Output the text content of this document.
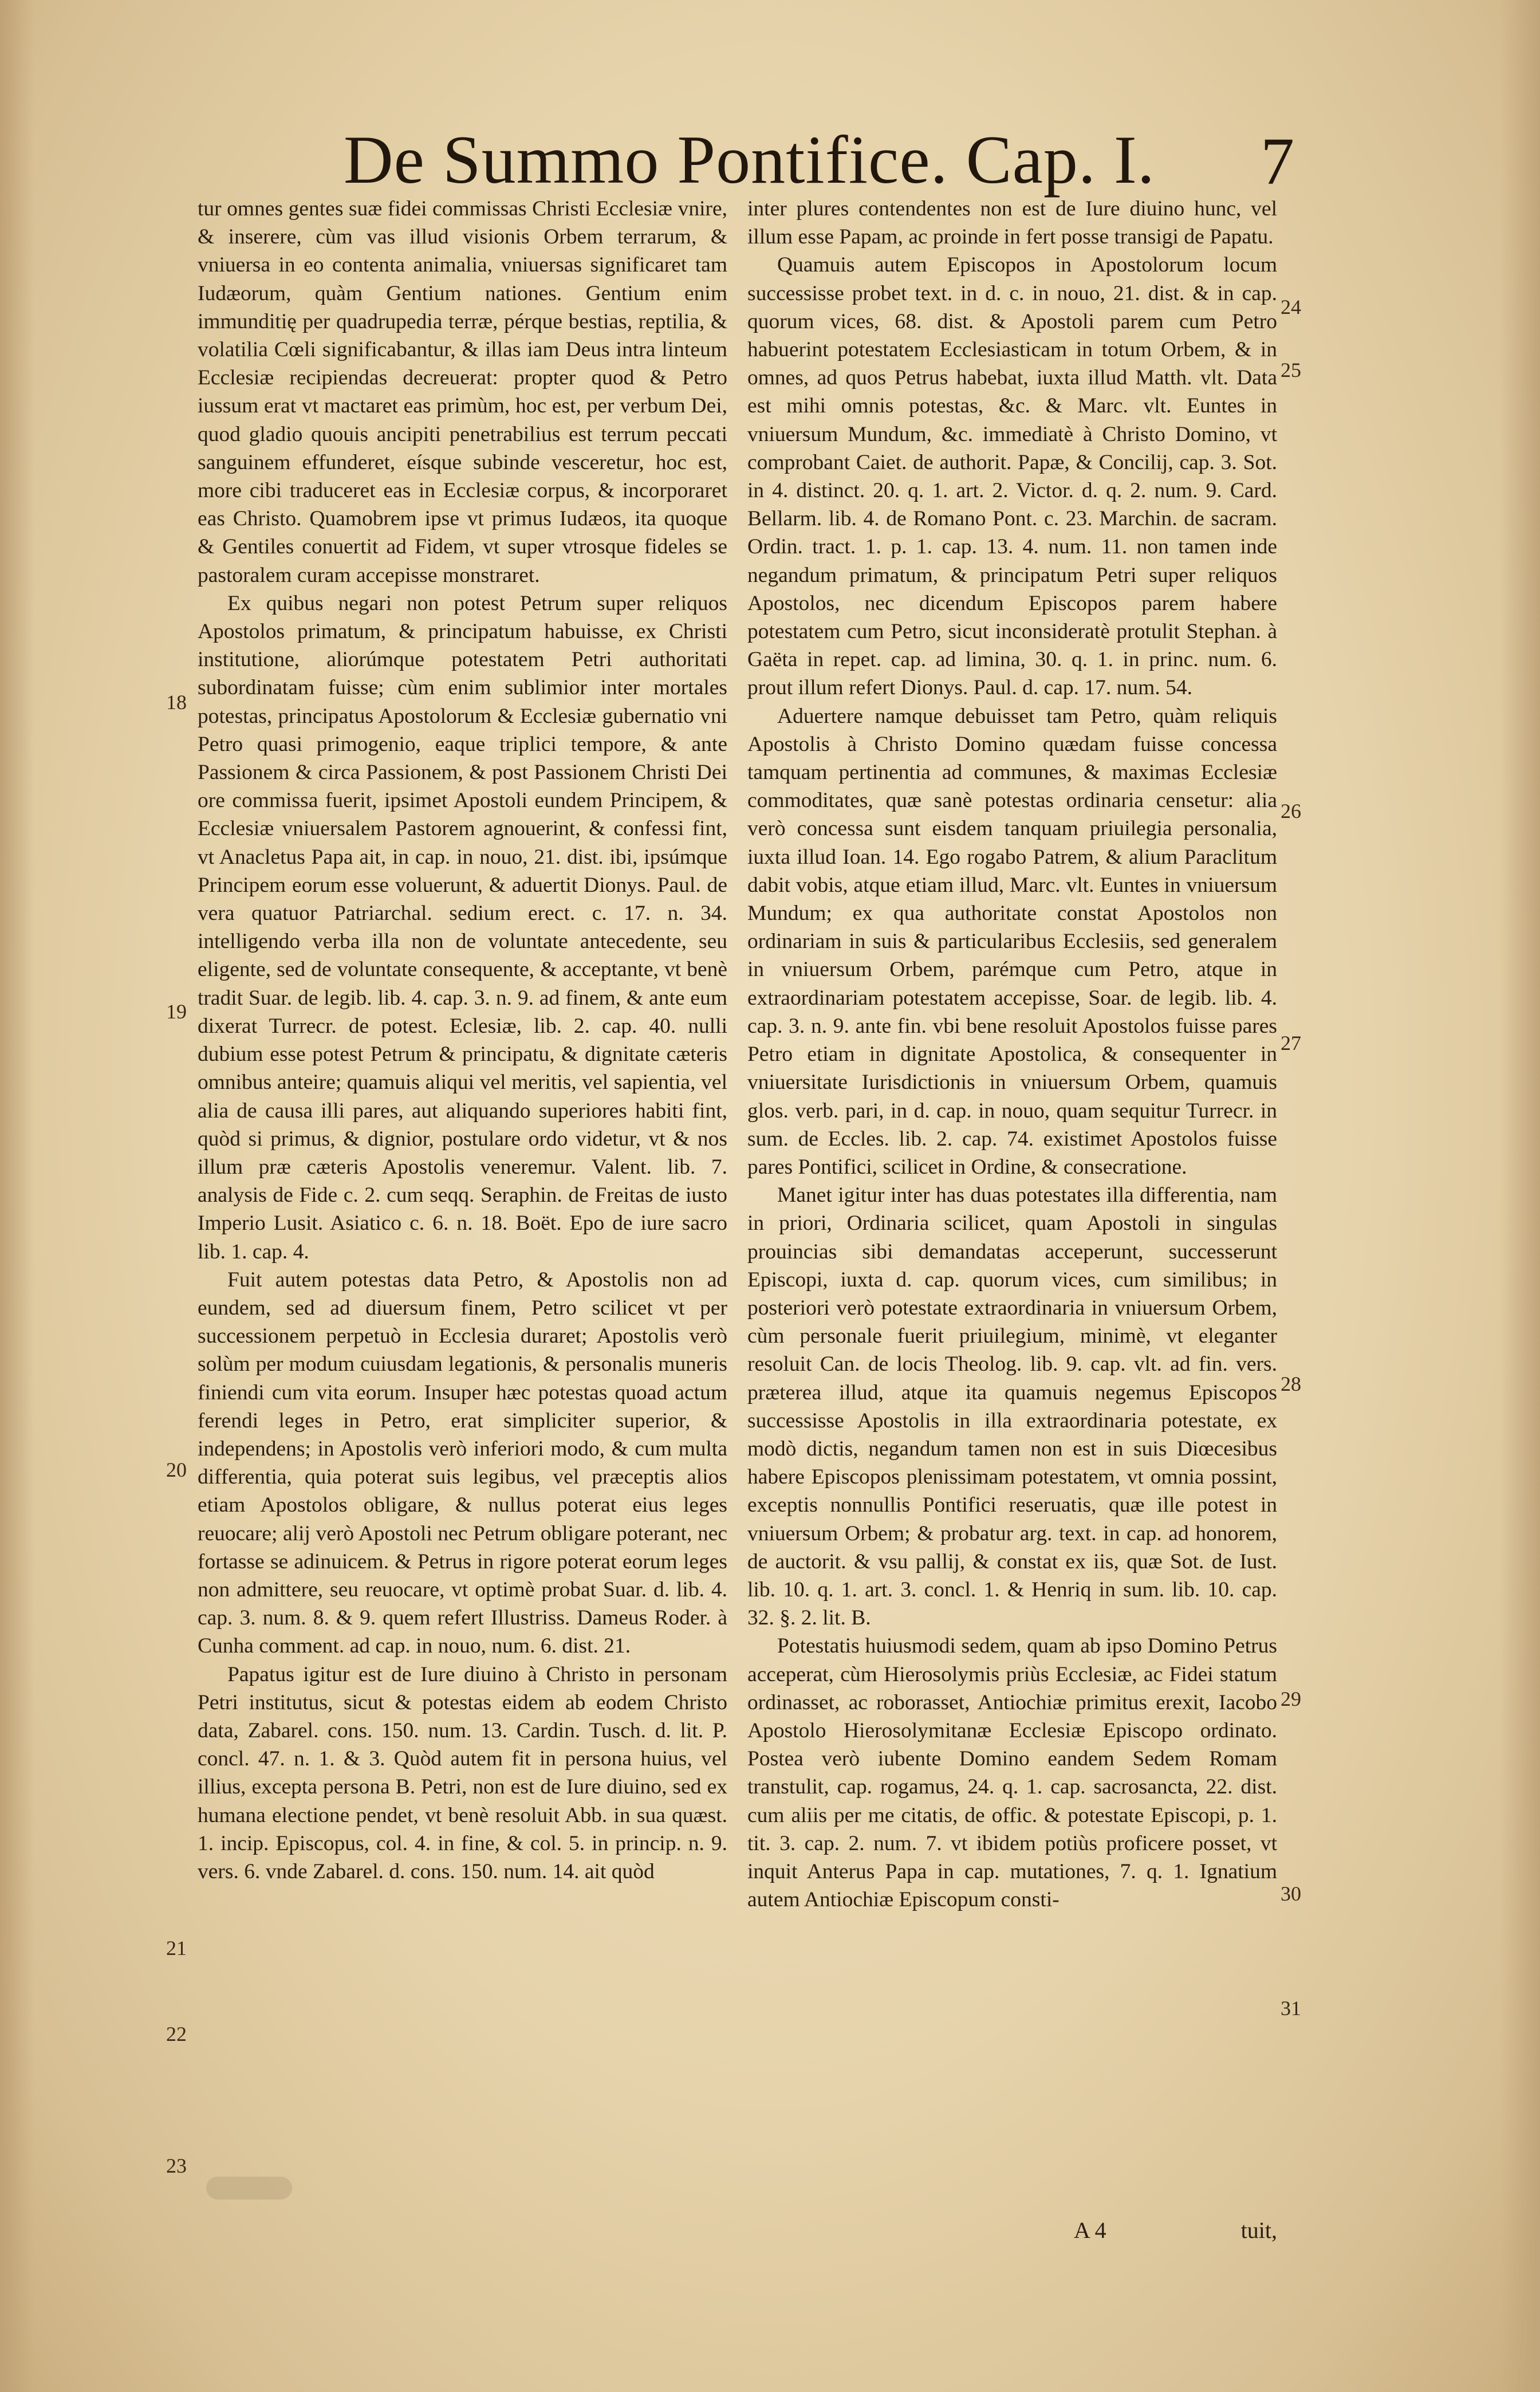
De Summo Pontifice. Cap. I. 7

tur omnes gentes suæ fidei commissas Christi Ecclesiæ vnire, & inserere, cùm vas illud visionis Orbem terrarum, & vniuersa in eo contenta animalia, vniuersas significaret tam Iudæorum, quàm Gentium nationes. Gentium enim immunditię per quadrupedia terræ, pérque bestias, reptilia, & volatilia Cœli significabantur, & illas iam Deus intra linteum Ecclesiæ recipiendas decreuerat: propter quod & Petro iussum erat vt mactaret eas primùm, hoc est, per verbum Dei, quod gladio quouis ancipiti penetrabilius est terrum peccati sanguinem effunderet, eísque subinde vesceretur, hoc est, more cibi traduceret eas in Ecclesiæ corpus, & incorporaret eas Christo. Quamobrem ipse vt primus Iudæos, ita quoque & Gentiles conuertit ad Fidem, vt super vtrosque fideles se pastoralem curam accepisse monstraret.

Ex quibus negari non potest Petrum super reliquos Apostolos primatum, & principatum habuisse, ex Christi institutione, aliorúmque potestatem Petri authoritati subordinatam fuisse; cùm enim sublimior inter mortales potestas, principatus Apostolorum & Ecclesiæ gubernatio vni Petro quasi primogenio, eaque triplici tempore, & ante Passionem & circa Passionem, & post Passionem Christi Dei ore commissa fuerit, ipsimet Apostoli eundem Principem, & Ecclesiæ vniuersalem Pastorem agnouerint, & confessi fint, vt Anacletus Papa ait, in cap. in nouo, 21. dist. ibi, ipsúmque Principem eorum esse voluerunt, & aduertit Dionys. Paul. de vera quatuor Patriarchal. sedium erect. c. 17. n. 34. intelligendo verba illa non de voluntate antecedente, seu eligente, sed de voluntate consequente, & acceptante, vt benè tradit Suar. de legib. lib. 4. cap. 3. n. 9. ad finem, & ante eum dixerat Turrecr. de potest. Eclesiæ, lib. 2. cap. 40. nulli dubium esse potest Petrum & principatu, & dignitate cæteris omnibus anteire; quamuis aliqui vel meritis, vel sapientia, vel alia de causa illi pares, aut aliquando superiores habiti fint, quòd si primus, & dignior, postulare ordo videtur, vt & nos illum præ cæteris Apostolis veneremur. Valent. lib. 7. analysis de Fide c. 2. cum seqq. Seraphin. de Freitas de iusto Imperio Lusit. Asiatico c. 6. n. 18. Boët. Epo de iure sacro lib. 1. cap. 4.

Fuit autem potestas data Petro, & Apostolis non ad eundem, sed ad diuersum finem, Petro scilicet vt per successionem perpetuò in Ecclesia duraret; Apostolis verò solùm per modum cuiusdam legationis, & personalis muneris finiendi cum vita eorum. Insuper hæc potestas quoad actum ferendi leges in Petro, erat simpliciter superior, & independens; in Apostolis verò inferiori modo, & cum multa differentia, quia poterat suis legibus, vel præceptis alios etiam Apostolos obligare, & nullus poterat eius leges reuocare; alij verò Apostoli nec Petrum obligare poterant, nec fortasse se adinuicem. & Petrus in rigore poterat eorum leges non admittere, seu reuocare, vt optimè probat Suar. d. lib. 4. cap. 3. num. 8. & 9. quem refert Illustriss. Dameus Roder. à Cunha comment. ad cap. in nouo, num. 6. dist. 21.

Papatus igitur est de Iure diuino à Christo in personam Petri institutus, sicut & potestas eidem ab eodem Christo data, Zabarel. cons. 150. num. 13. Cardin. Tusch. d. lit. P. concl. 47. n. 1. & 3. Quòd autem fit in persona huius, vel illius, excepta persona B. Petri, non est de Iure diuino, sed ex humana electione pendet, vt benè resoluit Abb. in sua quæst. 1. incip. Episcopus, col. 4. in fine, & col. 5. in princip. n. 9. vers. 6. vnde Zabarel. d. cons. 150. num. 14. ait quòd

inter plures contendentes non est de Iure diuino hunc, vel illum esse Papam, ac proinde in fert posse transigi de Papatu.

Quamuis autem Episcopos in Apostolorum locum successisse probet text. in d. c. in nouo, 21. dist. & in cap. quorum vices, 68. dist. & Apostoli parem cum Petro habuerint potestatem Ecclesiasticam in totum Orbem, & in omnes, ad quos Petrus habebat, iuxta illud Matth. vlt. Data est mihi omnis potestas, &c. & Marc. vlt. Euntes in vniuersum Mundum, &c. immediatè à Christo Domino, vt comprobant Caiet. de authorit. Papæ, & Concilij, cap. 3. Sot. in 4. distinct. 20. q. 1. art. 2. Victor. d. q. 2. num. 9. Card. Bellarm. lib. 4. de Romano Pont. c. 23. Marchin. de sacram. Ordin. tract. 1. p. 1. cap. 13. 4. num. 11. non tamen inde negandum primatum, & principatum Petri super reliquos Apostolos, nec dicendum Episcopos parem habere potestatem cum Petro, sicut inconsideratè protulit Stephan. à Gaëta in repet. cap. ad limina, 30. q. 1. in princ. num. 6. prout illum refert Dionys. Paul. d. cap. 17. num. 54.

Aduertere namque debuisset tam Petro, quàm reliquis Apostolis à Christo Domino quædam fuisse concessa tamquam pertinentia ad communes, & maximas Ecclesiæ commoditates, quæ sanè potestas ordinaria censetur: alia verò concessa sunt eisdem tanquam priuilegia personalia, iuxta illud Ioan. 14. Ego rogabo Patrem, & alium Paraclitum dabit vobis, atque etiam illud, Marc. vlt. Euntes in vniuersum Mundum; ex qua authoritate constat Apostolos non ordinariam in suis & particularibus Ecclesiis, sed generalem in vniuersum Orbem, parémque cum Petro, atque in extraordinariam potestatem accepisse, Soar. de legib. lib. 4. cap. 3. n. 9. ante fin. vbi bene resoluit Apostolos fuisse pares Petro etiam in dignitate Apostolica, & consequenter in vniuersitate Iurisdictionis in vniuersum Orbem, quamuis glos. verb. pari, in d. cap. in nouo, quam sequitur Turrecr. in sum. de Eccles. lib. 2. cap. 74. existimet Apostolos fuisse pares Pontifici, scilicet in Ordine, & consecratione.

Manet igitur inter has duas potestates illa differentia, nam in priori, Ordinaria scilicet, quam Apostoli in singulas prouincias sibi demandatas acceperunt, successerunt Episcopi, iuxta d. cap. quorum vices, cum similibus; in posteriori verò potestate extraordinaria in vniuersum Orbem, cùm personale fuerit priuilegium, minimè, vt eleganter resoluit Can. de locis Theolog. lib. 9. cap. vlt. ad fin. vers. præterea illud, atque ita quamuis negemus Episcopos successisse Apostolis in illa extraordinaria potestate, ex modò dictis, negandum tamen non est in suis Diœcesibus habere Episcopos plenissimam potestatem, vt omnia possint, exceptis nonnullis Pontifici reseruatis, quæ ille potest in vniuersum Orbem; & probatur arg. text. in cap. ad honorem, de auctorit. & vsu pallij, & constat ex iis, quæ Sot. de Iust. lib. 10. q. 1. art. 3. concl. 1. & Henriq in sum. lib. 10. cap. 32. §. 2. lit. B.

Potestatis huiusmodi sedem, quam ab ipso Domino Petrus acceperat, cùm Hierosolymis priùs Ecclesiæ, ac Fidei statum ordinasset, ac roborasset, Antiochiæ primitus erexit, Iacobo Apostolo Hierosolymitanæ Ecclesiæ Episcopo ordinato. Postea verò iubente Domino eandem Sedem Romam transtulit, cap. rogamus, 24. q. 1. cap. sacrosancta, 22. dist. cum aliis per me citatis, de offic. & potestate Episcopi, p. 1. tit. 3. cap. 2. num. 7. vt ibidem potiùs proficere posset, vt inquit Anterus Papa in cap. mutationes, 7. q. 1. Ignatium autem Antiochiæ Episcopum consti-

18
19
20
21
22
23
24
25
26
27
28
29
30
31
A 4	tuit,
